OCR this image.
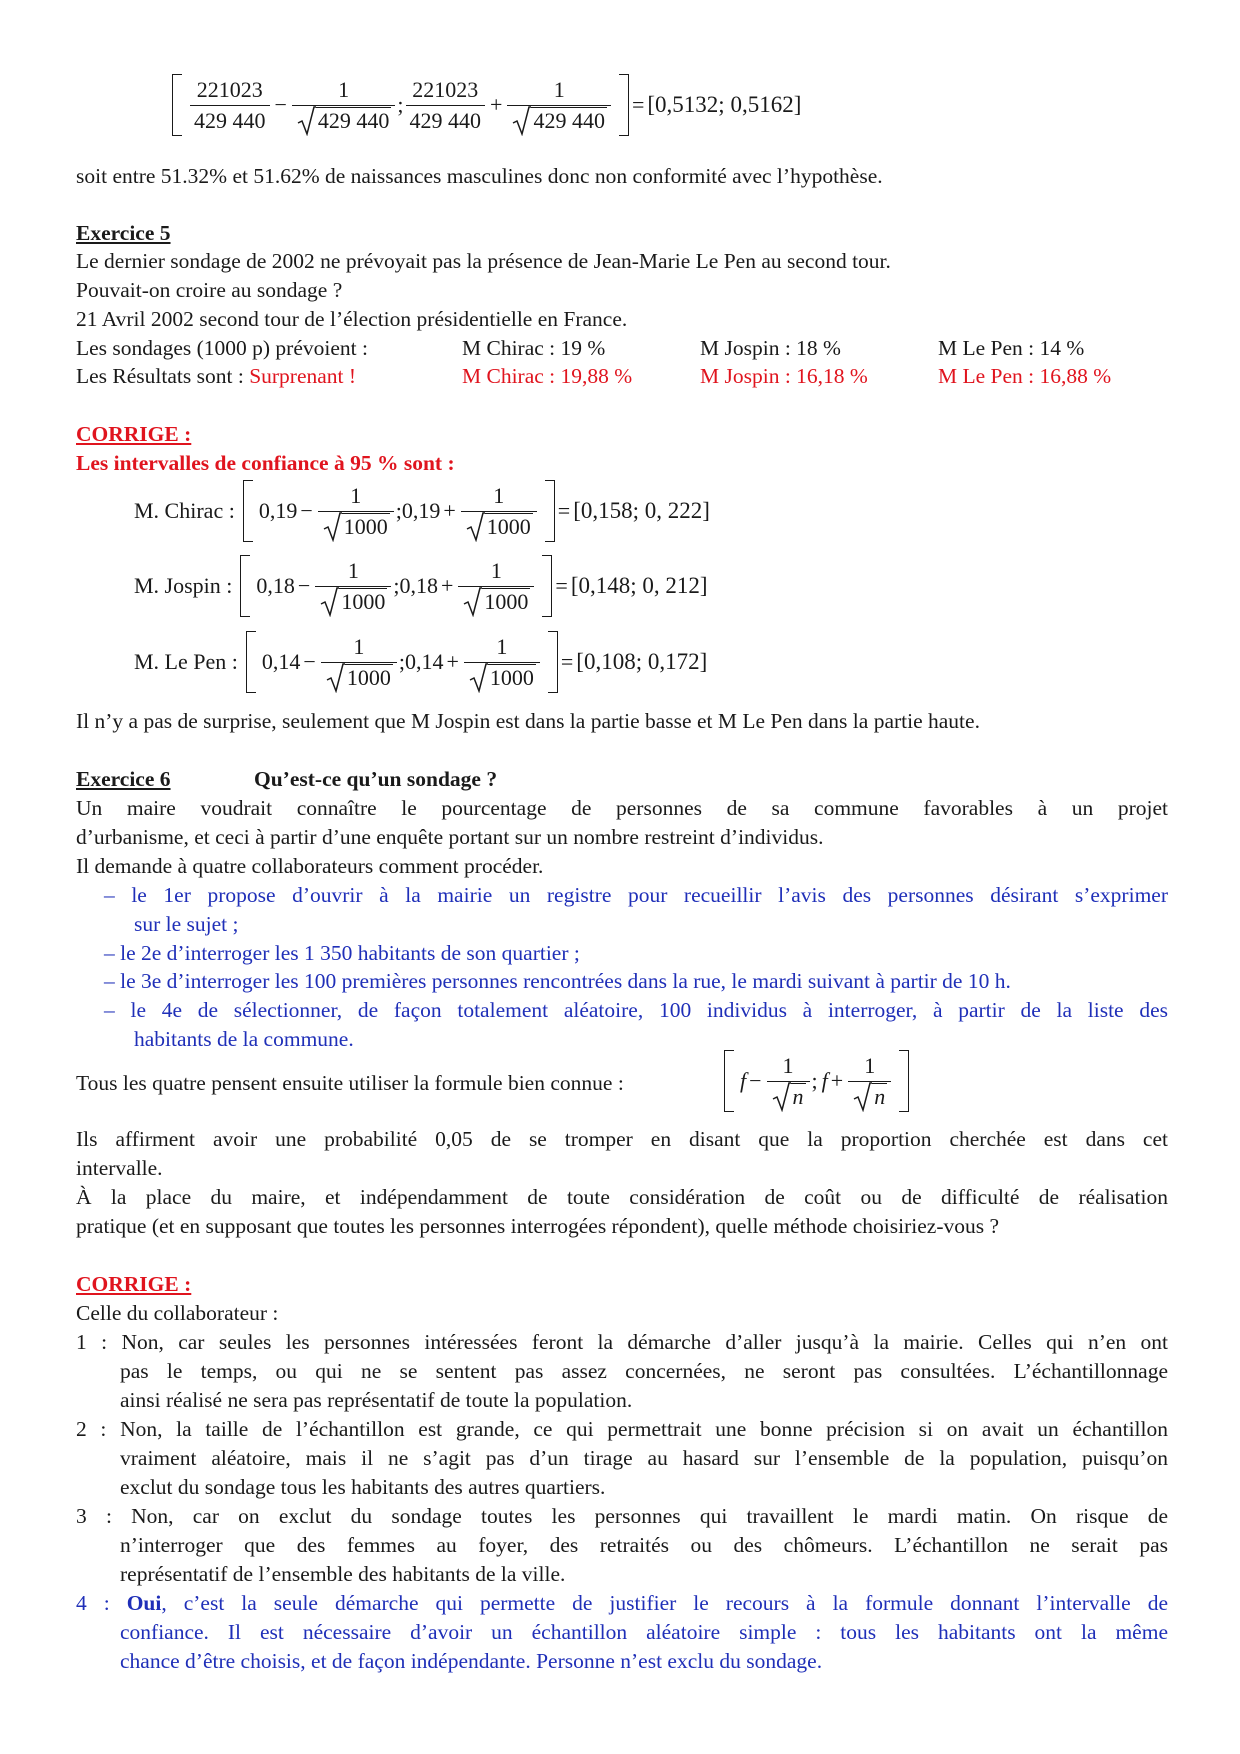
$\frac{221023}{429 440} - \frac{1}{429 440}$ ; $\frac{221023}{429 440} + \frac{1}{429 440} = [0,5132$; 0,5162]
soit entre 51.32% et 51.62% de naissances masculines donc non conformité avec l’hypothèse.
Exercice 5
Le dernier sondage de 2002 ne prévoyait pas la présence de Jean-Marie Le Pen au second tour.
Pouvait-on croire au sondage ?
21 Avril 2002 second tour de l’élection présidentielle en France.
Les sondages (1000 p) prévoient :	M Chirac : 19 %	M Jospin : 18 %	M Le Pen : 14 %
Les Résultats sont : Surprenant !	M Chirac : 19,88 %	M Jospin : 16,18 %	M Le Pen : 16,88 %
CORRIGE :
Les intervalles de confiance à 95 % sont :
M. Chirac : $0,19 - \frac{1}{1000}$ ; $0,19 + \frac{1}{1000} = [0,158$; 0, 222]
M. Jospin : $0,18 - \frac{1}{1000}$ ; $0,18 + \frac{1}{1000} = [0,148$; 0, 212]
M. Le Pen : $0,14 - \frac{1}{1000}$ ; $0,14 + \frac{1}{1000} = [0,108$; 0,172]
Il n’y a pas de surprise, seulement que M Jospin est dans la partie basse et M Le Pen dans la partie haute.
Exercice 6	Qu’est-ce qu’un sondage ?
Un maire voudrait connaître le pourcentage de personnes de sa commune favorables à un projet
d’urbanisme, et ceci à partir d’une enquête portant sur un nombre restreint d’individus.
Il demande à quatre collaborateurs comment procéder.
– le 1er propose d’ouvrir à la mairie un registre pour recueillir l’avis des personnes désirant s’exprimer
sur le sujet ;
– le 2e d’interroger les 1 350 habitants de son quartier ;
– le 3e d’interroger les 100 premières personnes rencontrées dans la rue, le mardi suivant à partir de 10 h.
– le 4e de sélectionner, de façon totalement aléatoire, 100 individus à interroger, à partir de la liste des
habitants de la commune.
Tous les quatre pensent ensuite utiliser la formule bien connue :	$f - \frac{1}{n}$ ; $f + \frac{1}{n}$
Ils affirment avoir une probabilité 0,05 de se tromper en disant que la proportion cherchée est dans cet
intervalle.
À la place du maire, et indépendamment de toute considération de coût ou de difficulté de réalisation
pratique (et en supposant que toutes les personnes interrogées répondent), quelle méthode choisiriez-vous ?
CORRIGE :
Celle du collaborateur :
1 : Non, car seules les personnes intéressées feront la démarche d’aller jusqu’à la mairie. Celles qui n’en ont
pas le temps, ou qui ne se sentent pas assez concernées, ne seront pas consultées. L’échantillonnage
ainsi réalisé ne sera pas représentatif de toute la population.
2 : Non, la taille de l’échantillon est grande, ce qui permettrait une bonne précision si on avait un échantillon
vraiment aléatoire, mais il ne s’agit pas d’un tirage au hasard sur l’ensemble de la population, puisqu’on
exclut du sondage tous les habitants des autres quartiers.
3 : Non, car on exclut du sondage toutes les personnes qui travaillent le mardi matin. On risque de
n’interroger que des femmes au foyer, des retraités ou des chômeurs. L’échantillon ne serait pas
représentatif de l’ensemble des habitants de la ville.
4 : Oui, c’est la seule démarche qui permette de justifier le recours à la formule donnant l’intervalle de
confiance. Il est nécessaire d’avoir un échantillon aléatoire simple : tous les habitants ont la même
chance d’être choisis, et de façon indépendante. Personne n’est exclu du sondage.
